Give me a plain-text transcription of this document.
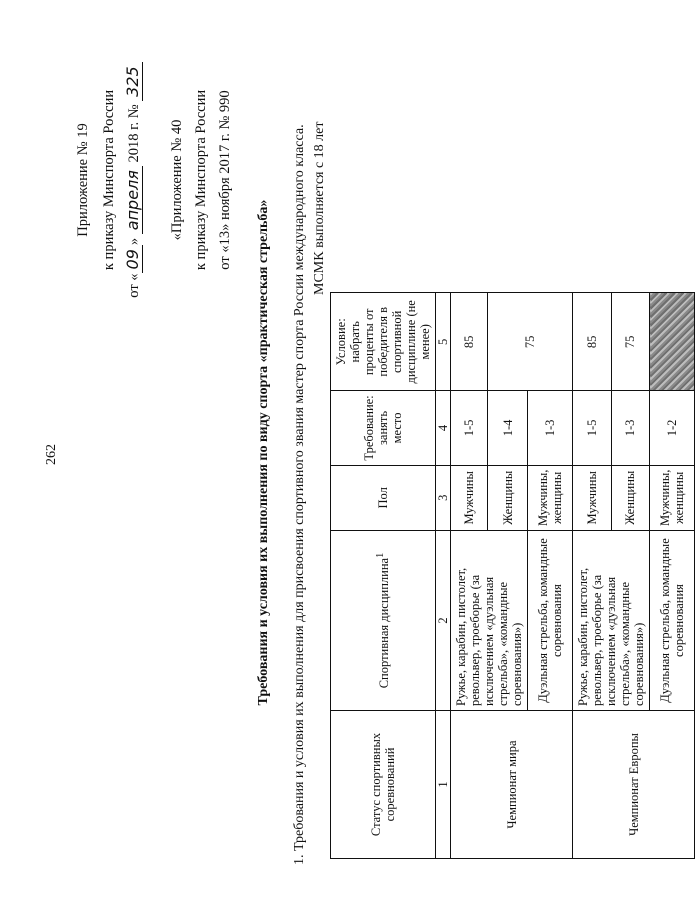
262
Приложение № 19 к приказу Минспорта России
от «09» апреля 2018 г. № 325
«Приложение № 40 к приказу Минспорта России от «13» ноября 2017 г. № 990
Требования и условия их выполнения по виду спорта «практическая стрельба» 1. Требования и условия их выполнения для присвоения спортивного звания мастер спорта России международного класса. МСМК выполняется с 18 лет
Статус спортивных соревнований	Спортивная дисциплина$^1$	Пол	Требование: занять место	Условие: набрать проценты от победителя в спортивной дисциплине (не менее)
1	2	3	4	5
Чемпионат мира	Ружье, карабин, пистолет, револьвер, троеборье (за исключением «дуэльная стрельба», «командные соревнования»)	Мужчины	1-5	85
		Женщины	1-4	75
	Дуэльная стрельба, командные соревнования	Мужчины, женщины	1-3	
Чемпионат Европы	Ружье, карабин, пистолет, револьвер, троеборье (за исключением «дуэльная стрельба», «командные соревнования»)	Мужчины	1-5	85
		Женщины	1-3	75
	Дуэльная стрельба, командные соревнования	Мужчины, женщины	1-2	
